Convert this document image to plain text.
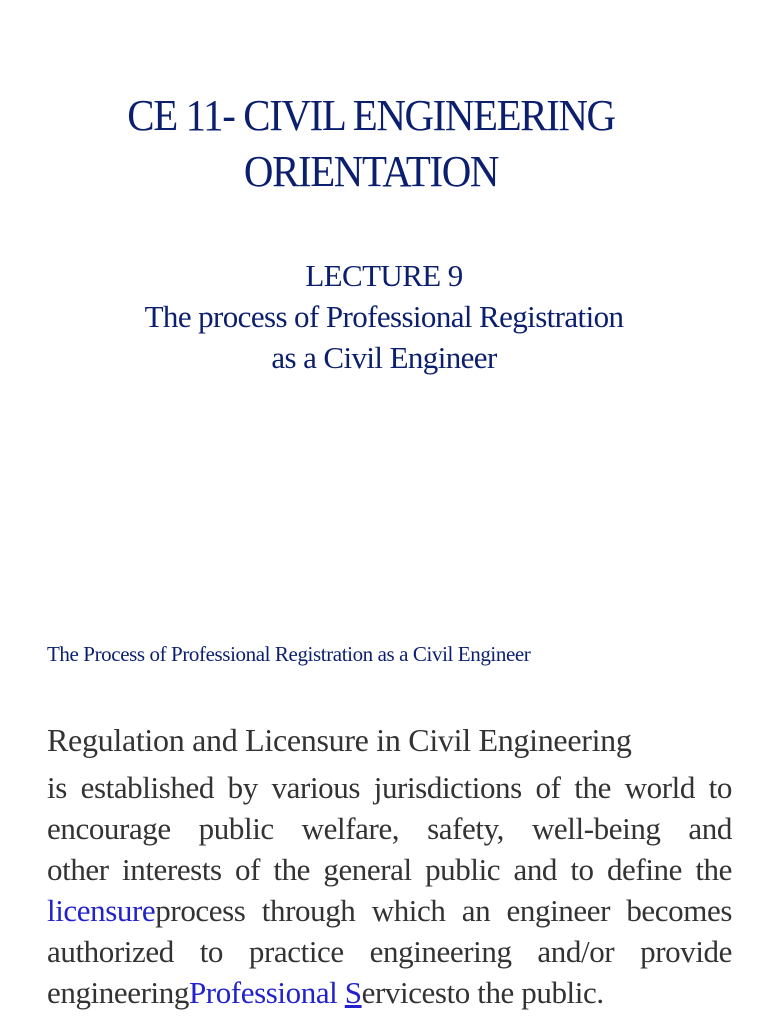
CE 11- CIVIL ENGINEERING
ORIENTATION
LECTURE 9
The process of Professional Registration
as a Civil Engineer
The Process of Professional Registration as a Civil Engineer

Regulation and Licensure in Civil Engineering

is established by various jurisdictions of the world to
encourage public welfare, safety, well-being and
other interests of the general public and to define the
licensureprocess through which an engineer becomes
authorized to practice engineering and/or provide
engineeringProfessional Servicesto the public.
